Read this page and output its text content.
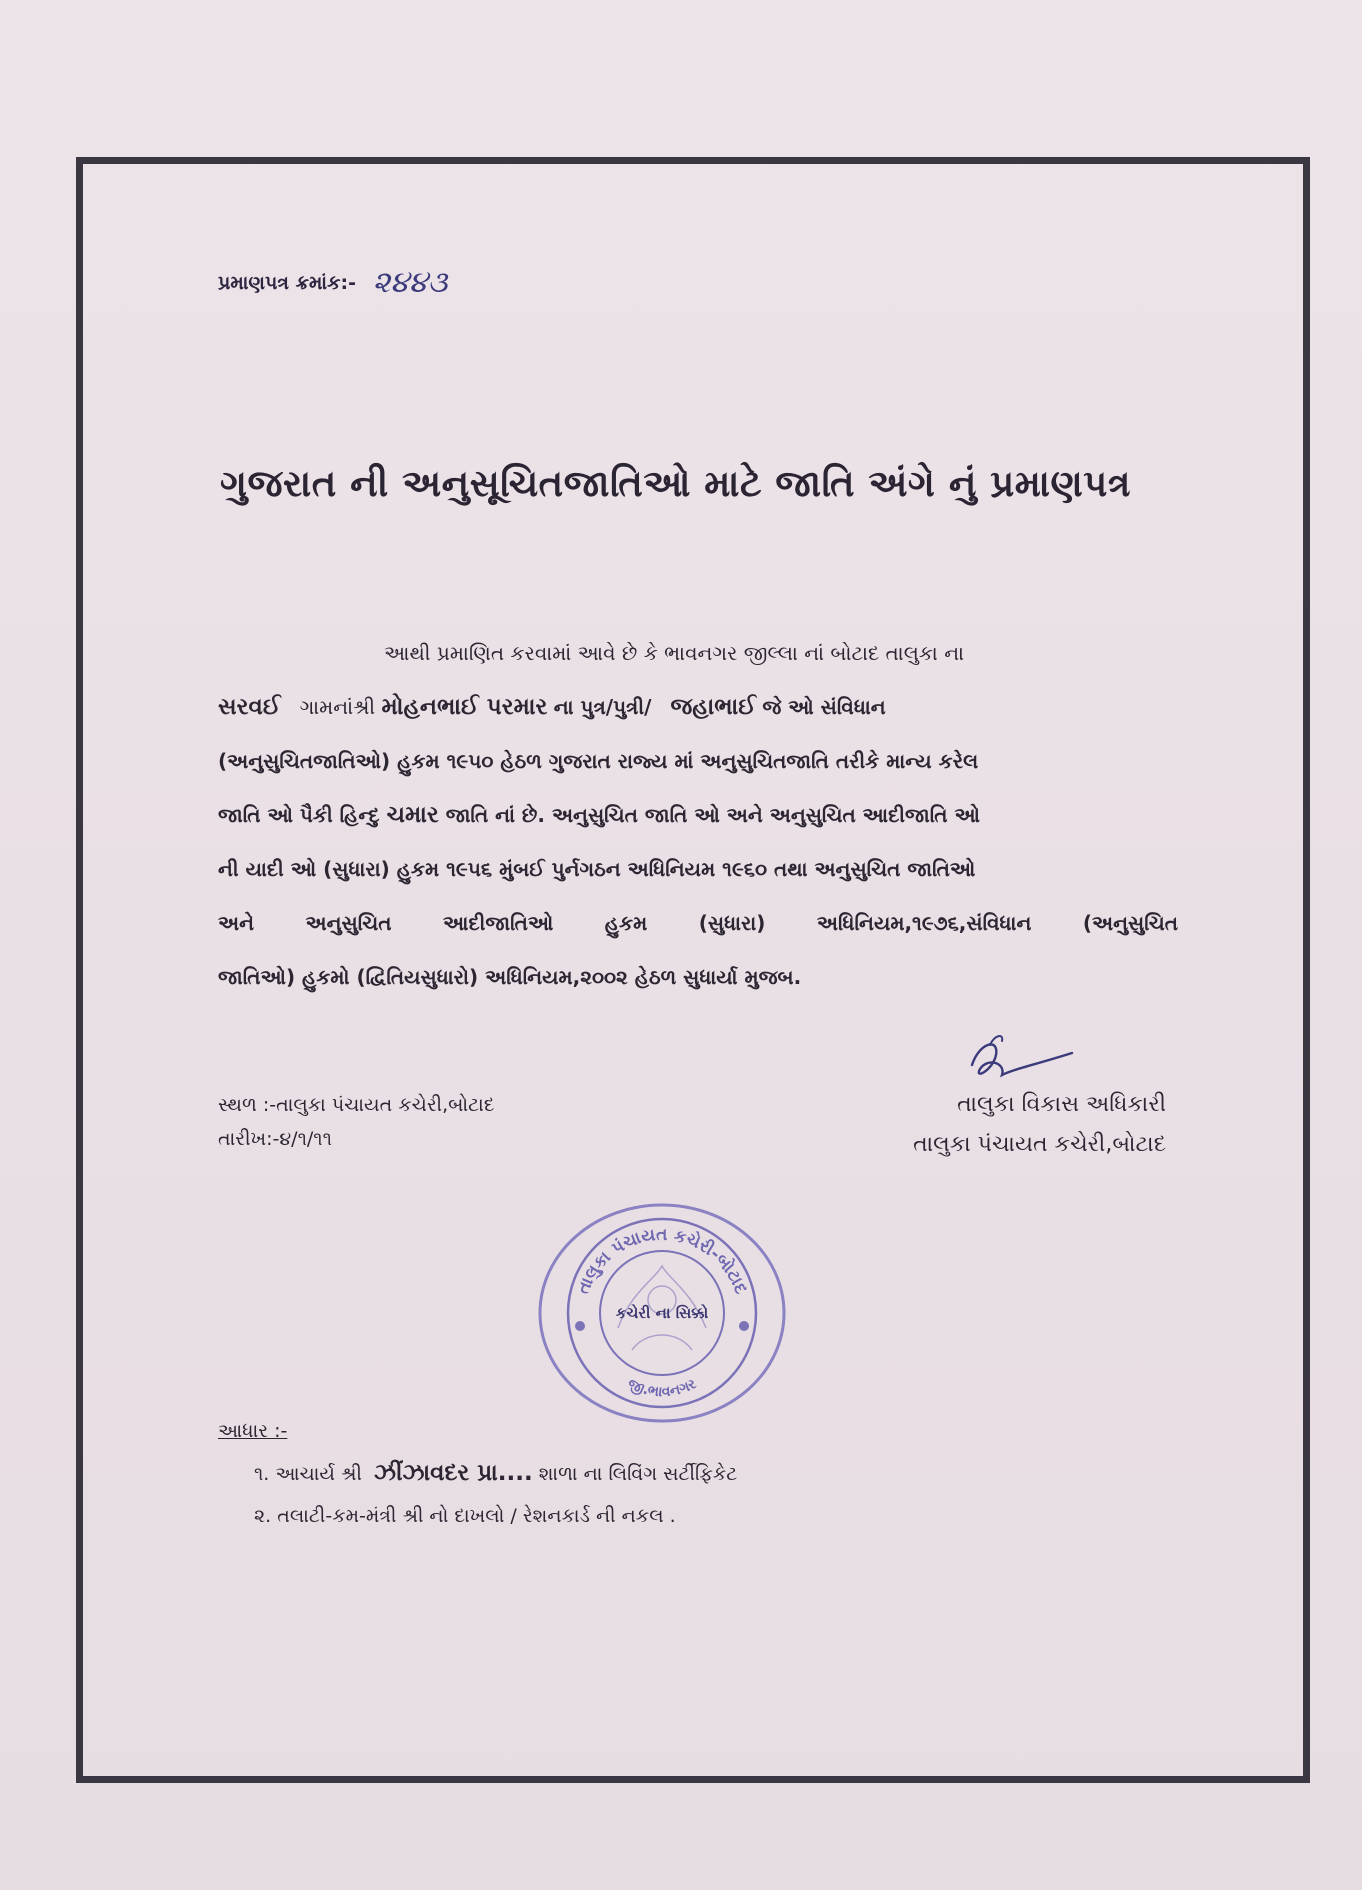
પ્રમાણપત્ર ક્રમાંક:- ૨૪૪૩
ગુજરાત ની અનુસૂચિતજાતિઓ માટે જાતિ અંગે નું પ્રમાણપત્ર
આથી પ્રમાણિત કરવામાં આવે છે કે ભાવનગર જીલ્લા નાં બોટાદ તાલુકા ના
સરવઈ ગામનાંશ્રી મોહનભાઈ પરમાર ના પુત્ર/પુત્રી/ જહાભાઈ જે ઓ સંવિધાન
(અનુસુચિતજાતિઓ) હુકમ ૧૯૫૦ હેઠળ ગુજરાત રાજ્ય માં અનુસુચિતજાતિ તરીકે માન્ય કરેલ
જાતિ ઓ પૈકી હિન્દુ ચમાર જાતિ નાં છે. અનુસુચિત જાતિ ઓ અને અનુસુચિત આદીજાતિ ઓ
ની યાદી ઓ (સુધારા) હુકમ ૧૯૫૬ મુંબઈ પુર્નગઠન અધિનિયમ ૧૯૬૦ તથા અનુસુચિત જાતિઓ
અને અનુસુચિત આદીજાતિઓ હુકમ (સુધારા) અધિનિયમ,૧૯૭૬,સંવિધાન (અનુસુચિત
જાતિઓ) હુકમો (દ્વિતિયસુધારો) અધિનિયમ,૨૦૦૨ હેઠળ સુધાર્યા મુજબ.
સ્થળ :-તાલુકા પંચાયત કચેરી,બોટાદ
તારીખ:-૪/૧/૧૧
તાલુકા વિકાસ અધિકારી
તાલુકા પંચાયત કચેરી,બોટાદ
તાલુકા પંચાયત કચેરી-બોટાદ
જી.ભાવનગર
કચેરી ના સિક્કો
આધાર :-
૧. આચાર્ય શ્રી ઝીંઝાવદર પ્રા.... શાળા ના લિવિંગ સર્ટીફિકેટ
૨. તલાટી-કમ-મંત્રી શ્રી નો દાખલો / રેશનકાર્ડ ની નકલ .
